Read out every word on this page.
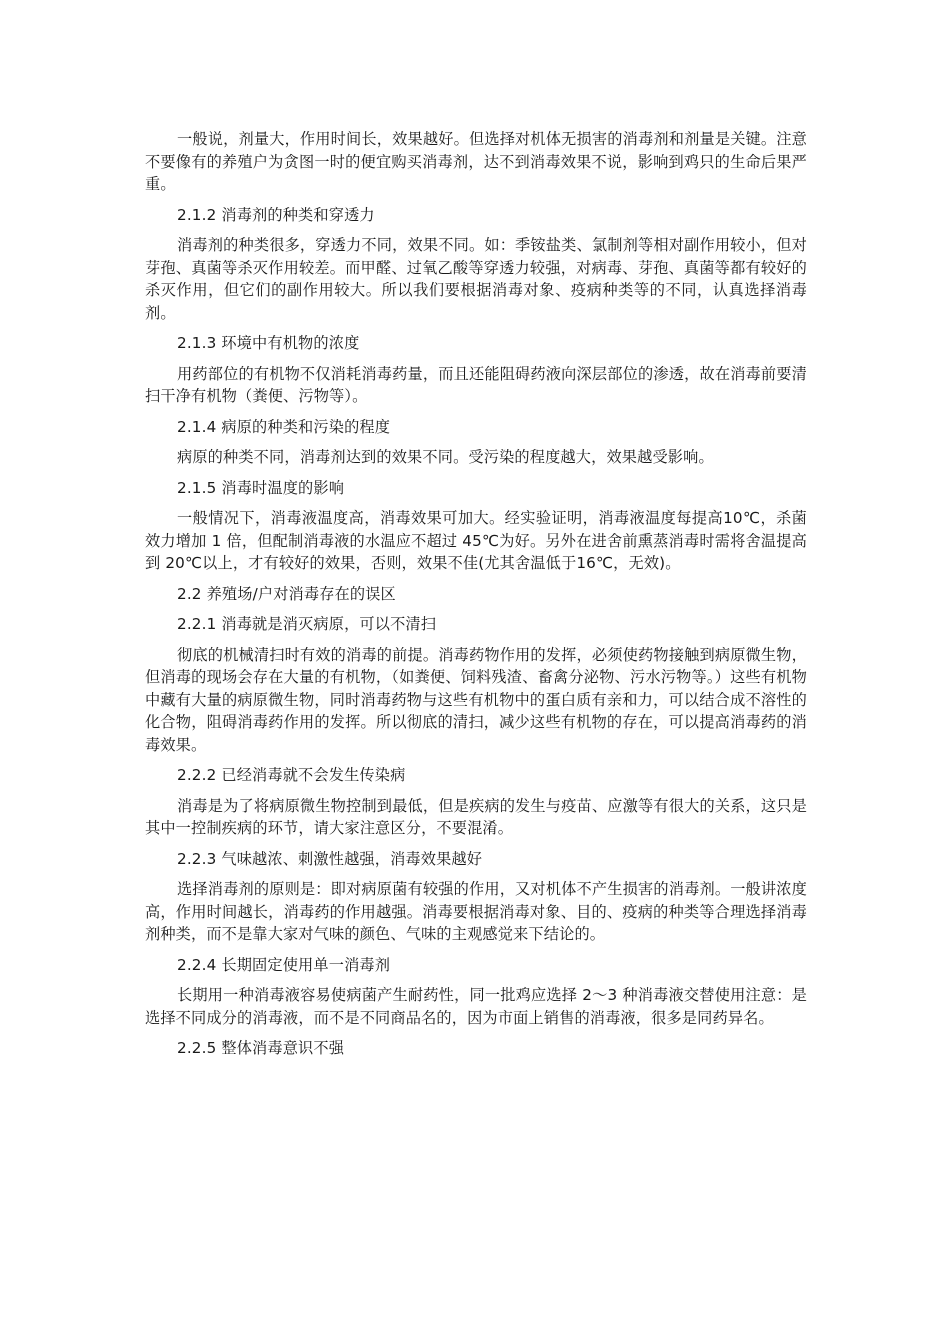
一般说，剂量大，作用时间长，效果越好。但选择对机体无损害的消毒剂和剂量是关键。注意不要像有的养殖户为贪图一时的便宜购买消毒剂，达不到消毒效果不说，影响到鸡只的生命后果严重。

2.1.2 消毒剂的种类和穿透力

消毒剂的种类很多，穿透力不同，效果不同。如：季铵盐类、氯制剂等相对副作用较小，但对芽孢、真菌等杀灭作用较差。而甲醛、过氧乙酸等穿透力较强，对病毒、芽孢、真菌等都有较好的杀灭作用，但它们的副作用较大。所以我们要根据消毒对象、疫病种类等的不同，认真选择消毒剂。

2.1.3 环境中有机物的浓度

用药部位的有机物不仅消耗消毒药量，而且还能阻碍药液向深层部位的渗透，故在消毒前要清扫干净有机物（粪便、污物等）。

2.1.4 病原的种类和污染的程度

病原的种类不同，消毒剂达到的效果不同。受污染的程度越大，效果越受影响。

2.1.5 消毒时温度的影响

一般情况下，消毒液温度高，消毒效果可加大。经实验证明，消毒液温度每提高10℃，杀菌效力增加 1 倍，但配制消毒液的水温应不超过 45℃为好。另外在进舍前熏蒸消毒时需将舍温提高到 20℃以上，才有较好的效果，否则，效果不佳(尤其舍温低于16℃，无效)。

2.2 养殖场/户对消毒存在的误区

2.2.1 消毒就是消灭病原，可以不清扫

彻底的机械清扫时有效的消毒的前提。消毒药物作用的发挥，必须使药物接触到病原微生物，但消毒的现场会存在大量的有机物，（如粪便、饲料残渣、畜禽分泌物、污水污物等。）这些有机物中藏有大量的病原微生物，同时消毒药物与这些有机物中的蛋白质有亲和力，可以结合成不溶性的化合物，阻碍消毒药作用的发挥。所以彻底的清扫，减少这些有机物的存在，可以提高消毒药的消毒效果。

2.2.2 已经消毒就不会发生传染病

消毒是为了将病原微生物控制到最低，但是疾病的发生与疫苗、应激等有很大的关系，这只是其中一控制疾病的环节，请大家注意区分，不要混淆。

2.2.3 气味越浓、刺激性越强，消毒效果越好

选择消毒剂的原则是：即对病原菌有较强的作用，又对机体不产生损害的消毒剂。一般讲浓度高，作用时间越长，消毒药的作用越强。消毒要根据消毒对象、目的、疫病的种类等合理选择消毒剂种类，而不是靠大家对气味的颜色、气味的主观感觉来下结论的。

2.2.4 长期固定使用单一消毒剂

长期用一种消毒液容易使病菌产生耐药性，同一批鸡应选择 2～3 种消毒液交替使用注意：是选择不同成分的消毒液，而不是不同商品名的，因为市面上销售的消毒液，很多是同药异名。

2.2.5 整体消毒意识不强
